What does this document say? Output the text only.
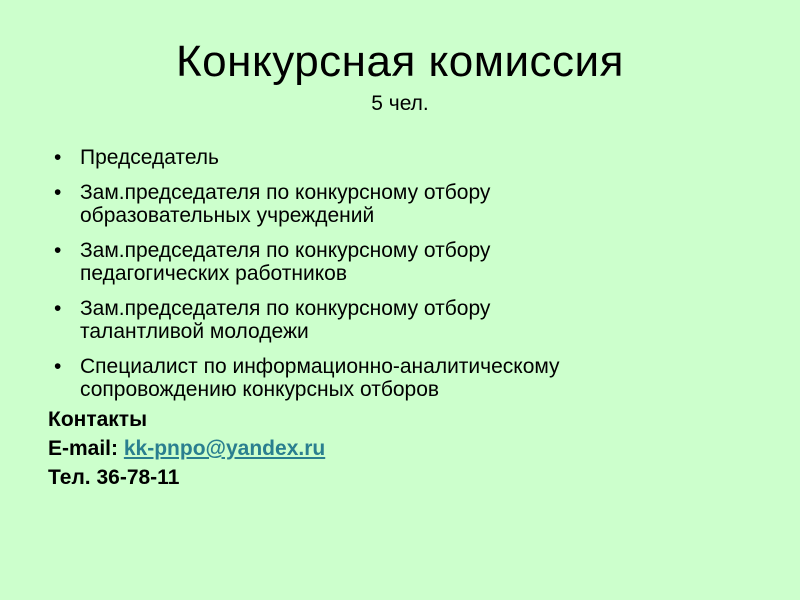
Конкурсная комиссия
5 чел.
• Председатель
• Зам.председателя по конкурсному отбору
образовательных учреждений
• Зам.председателя по конкурсному отбору
педагогических работников
• Зам.председателя по конкурсному отбору
талантливой молодежи
• Специалист по информационно-аналитическому
сопровождению конкурсных отборов
Контакты
E-mail: kk-pnpo@yandex.ru
Тел. 36-78-11
